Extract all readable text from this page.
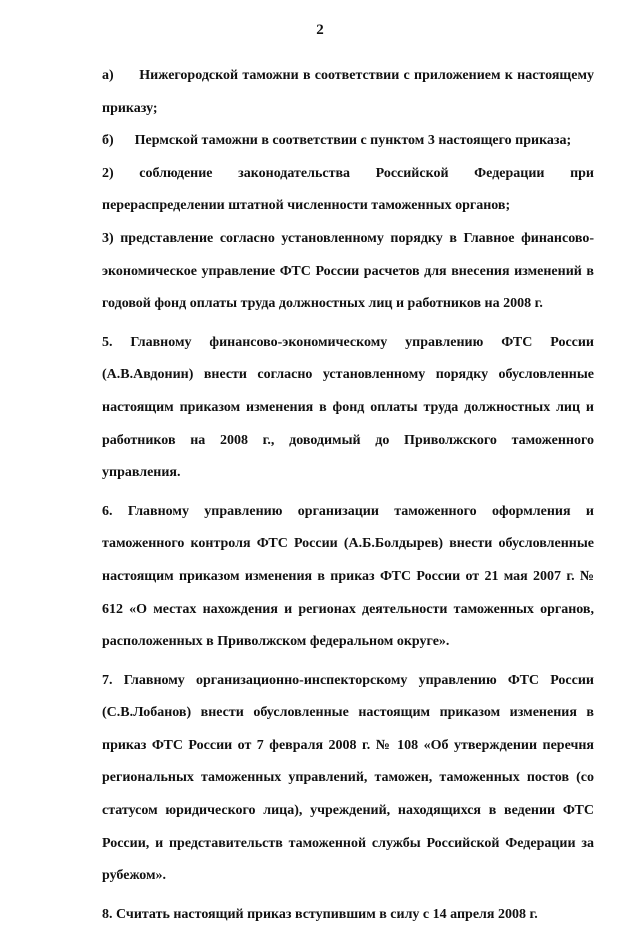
2

а)      Нижегородской таможни в соответствии с приложением к настоящему приказу;

б)      Пермской таможни в соответствии с пунктом 3 настоящего приказа;

2) соблюдение законодательства Российской Федерации при перераспределении штатной численности таможенных органов;

3) представление согласно установленному порядку в Главное финансово-экономическое управление ФТС России расчетов для внесения изменений в годовой фонд оплаты труда должностных лиц и работников на 2008 г.

5. Главному финансово-экономическому управлению ФТС России (А.В.Авдонин) внести согласно установленному порядку обусловленные настоящим приказом изменения в фонд оплаты труда должностных лиц и работников на 2008 г., доводимый до Приволжского таможенного управления.

6. Главному управлению организации таможенного оформления и таможенного контроля ФТС России (А.Б.Болдырев) внести обусловленные настоящим приказом изменения в приказ ФТС России от 21 мая 2007 г. № 612 «О местах нахождения и регионах деятельности таможенных органов, расположенных в Приволжском федеральном округе».

7. Главному организационно-инспекторскому управлению ФТС России (С.В.Лобанов) внести обусловленные настоящим приказом изменения в приказ ФТС России от 7 февраля 2008 г. № 108 «Об утверждении перечня региональных таможенных управлений, таможен, таможенных постов (со статусом юридического лица), учреждений, находящихся в ведении ФТС России, и представительств таможенной службы Российской Федерации за рубежом».

8. Считать настоящий приказ вступившим в силу с 14 апреля 2008 г.
